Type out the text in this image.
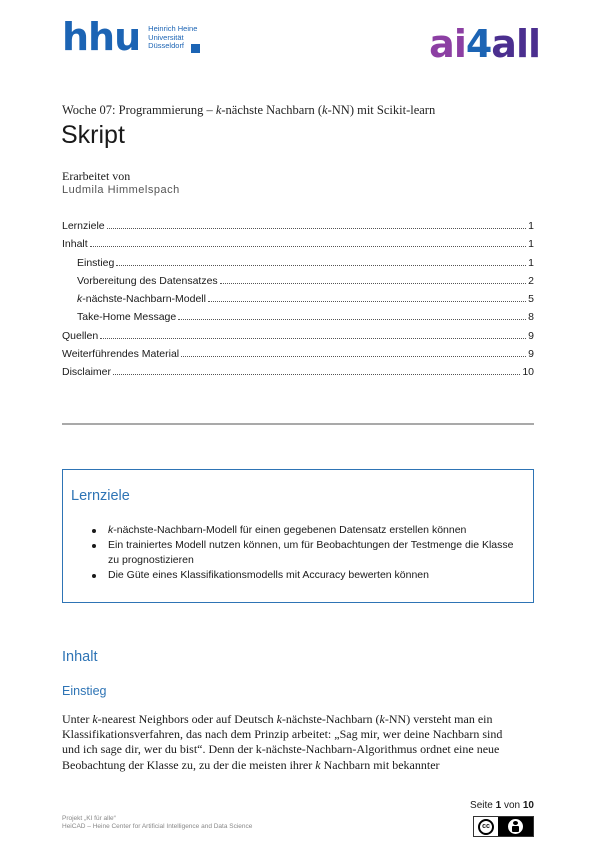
hhu Heinrich Heine
Universität
Düsseldorf	ai4all
Woche 07: Programmierung – k-nächste Nachbarn (k-NN) mit Scikit-learn
Skript
Erarbeitet von
Ludmila Himmelspach
Lernziele	1
Inhalt	1
Einstieg	1
Vorbereitung des Datensatzes	2
k-nächste-Nachbarn-Modell	5
Take-Home Message	8
Quellen	9
Weiterführendes Material	9
Disclaimer	10
Lernziele
k-nächste-Nachbarn-Modell für einen gegebenen Datensatz erstellen können
Ein trainiertes Modell nutzen können, um für Beobachtungen der Testmenge die Klasse zu prognostizieren
Die Güte eines Klassifikationsmodells mit Accuracy bewerten können
Inhalt
Einstieg
Unter k-nearest Neighbors oder auf Deutsch k-nächste-Nachbarn (k-NN) versteht man ein
Klassifikationsverfahren, das nach dem Prinzip arbeitet: „Sag mir, wer deine Nachbarn sind
und ich sage dir, wer du bist“. Denn der k-nächste-Nachbarn-Algorithmus ordnet eine neue
Beobachtung der Klasse zu, zu der die meisten ihrer k Nachbarn mit bekannter
Projekt „KI für alle“
HeiCAD – Heine Center for Artificial Intelligence and Data Science
Seite 1 von 10
cc
